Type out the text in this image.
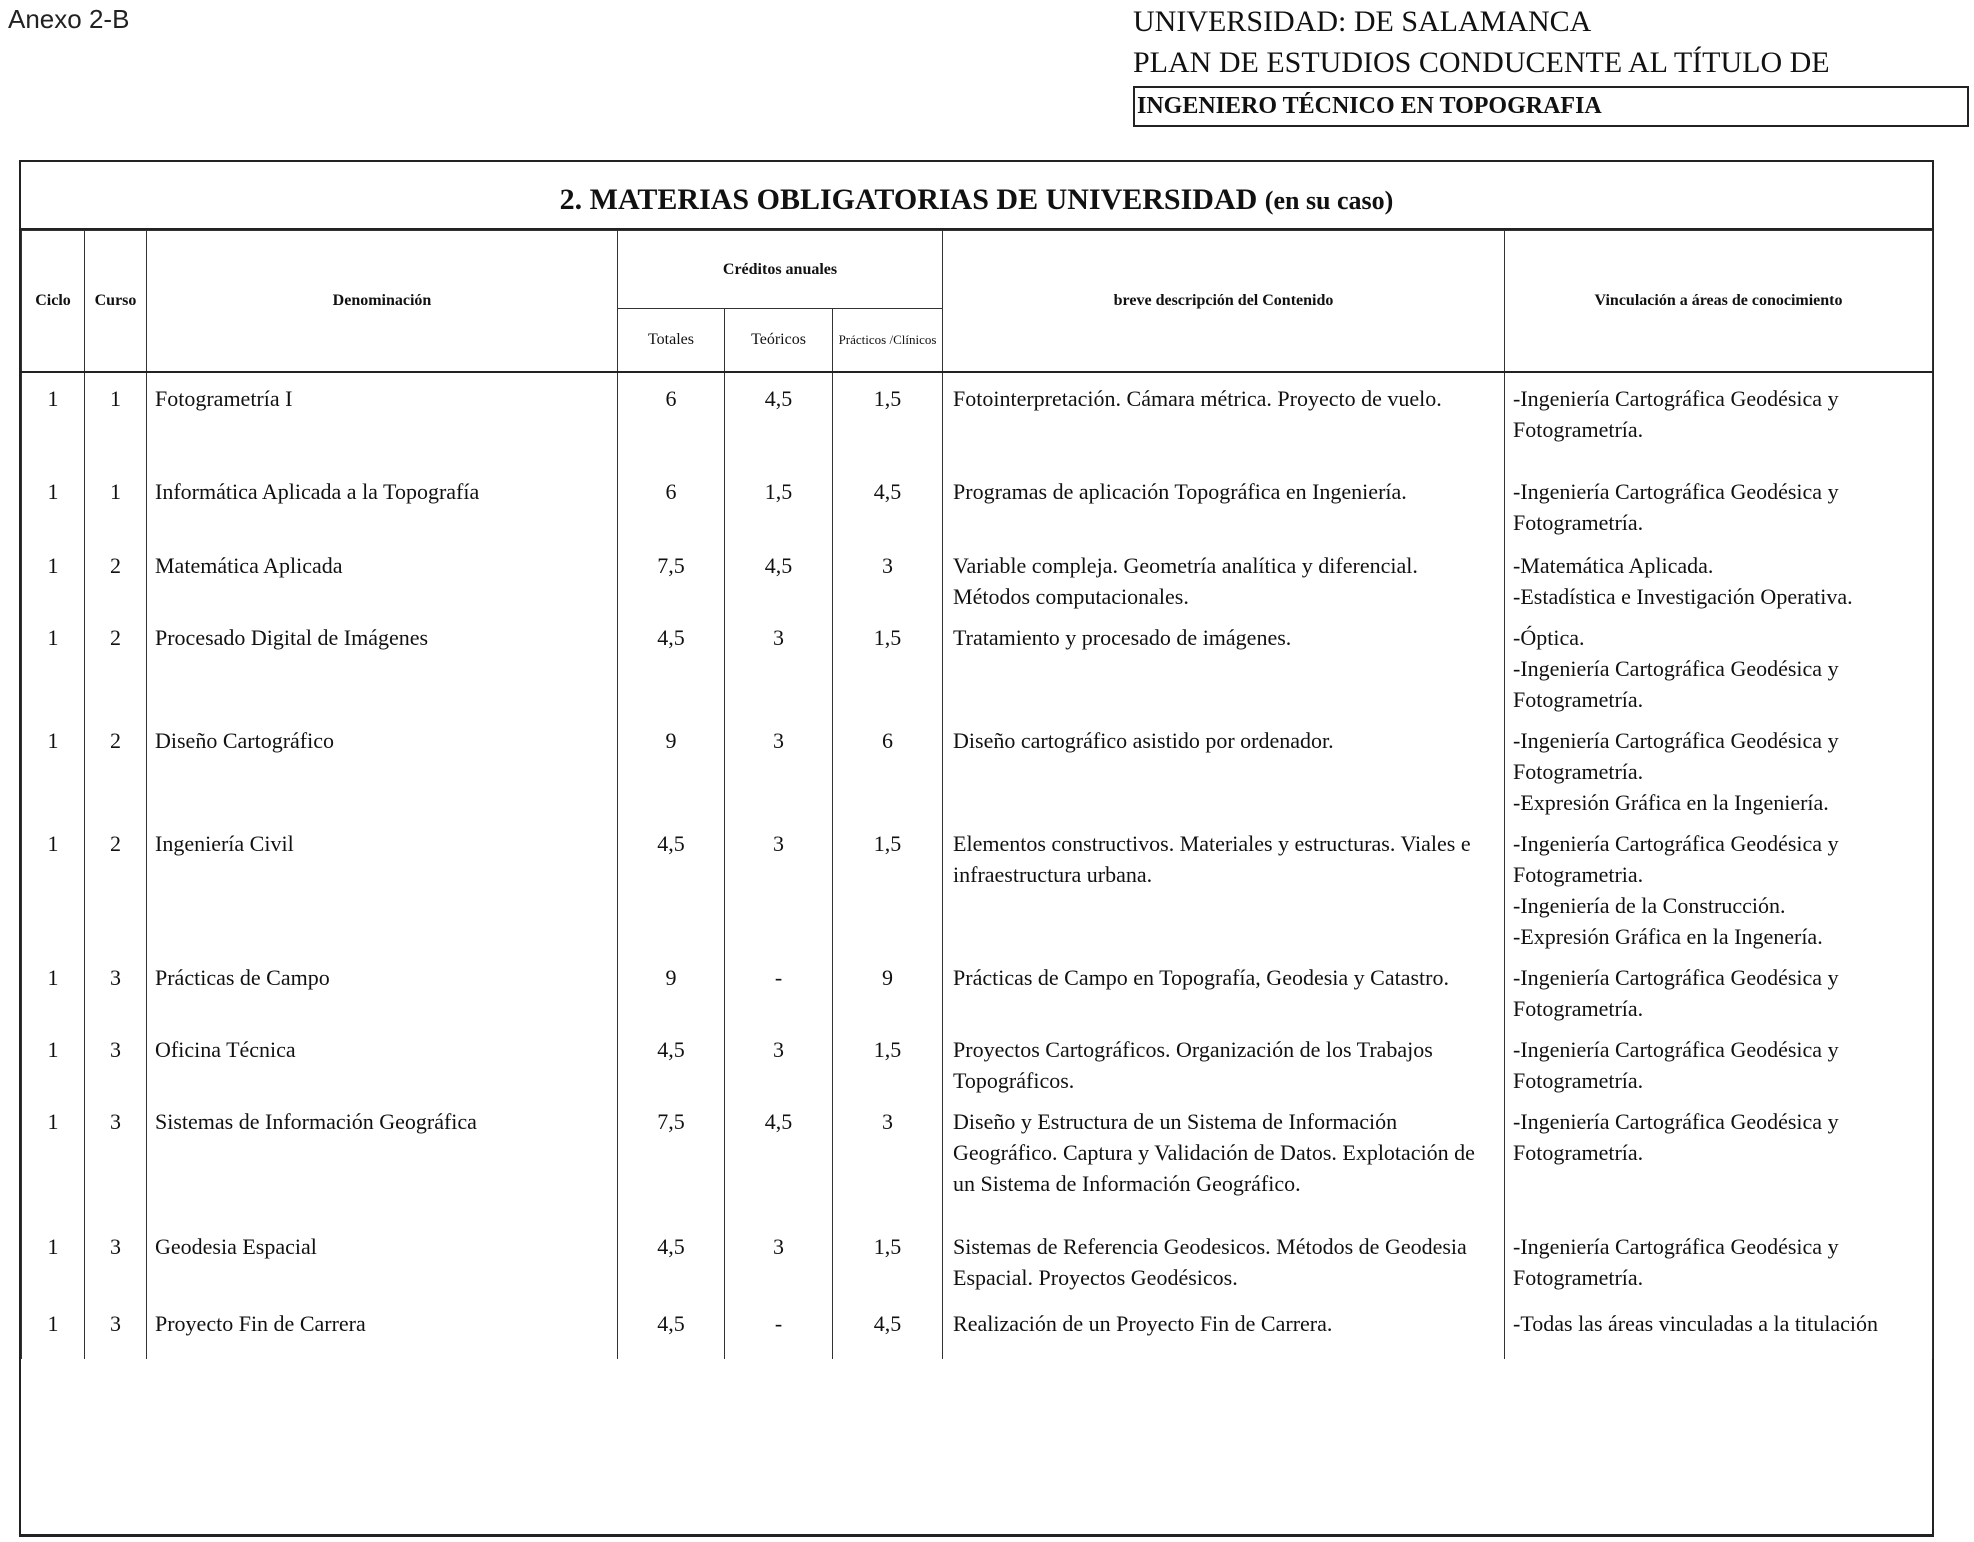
Anexo 2-B	UNIVERSIDAD: DE SALAMANCA
PLAN DE ESTUDIOS CONDUCENTE AL TÍTULO DE
INGENIERO TÉCNICO EN TOPOGRAFIA
2. MATERIAS OBLIGATORIAS DE UNIVERSIDAD (en su caso)
Ciclo	Curso	Denominación	Créditos anuales			breve descripción del Contenido	Vinculación a áreas de conocimiento
			Totales	Teóricos	Prácticos /Clínicos		
1	1	Fotogrametría I	6	4,5	1,5	Fotointerpretación. Cámara métrica. Proyecto de vuelo.	-Ingeniería Cartográfica Geodésica y Fotogrametría.

1	1	Informática Aplicada a la Topografía	6	1,5	4,5	Programas de aplicación Topográfica en Ingeniería.	-Ingeniería Cartográfica Geodésica y Fotogrametría.

1	2	Matemática Aplicada	7,5	4,5	3	Variable compleja. Geometría analítica y diferencial. Métodos computacionales.	-Matemática Aplicada.
-Estadística e Investigación Operativa.

1	2	Procesado Digital de Imágenes	4,5	3	1,5	Tratamiento y procesado de imágenes.	-Óptica.
-Ingeniería Cartográfica Geodésica y Fotogrametría.

1	2	Diseño Cartográfico	9	3	6	Diseño cartográfico asistido por ordenador.	-Ingeniería Cartográfica Geodésica y Fotogrametría.
-Expresión Gráfica en la Ingeniería.

1	2	Ingeniería Civil	4,5	3	1,5	Elementos constructivos. Materiales y estructuras. Viales e infraestructura urbana.	-Ingeniería Cartográfica Geodésica y Fotogrametria.
-Ingeniería de la Construcción.
-Expresión Gráfica en la Ingenería.

1	3	Prácticas de Campo	9	-	9	Prácticas de Campo en Topografía, Geodesia y Catastro.	-Ingeniería Cartográfica Geodésica y Fotogrametría.

1	3	Oficina Técnica	4,5	3	1,5	Proyectos Cartográficos. Organización de los Trabajos Topográficos.	-Ingeniería Cartográfica Geodésica y Fotogrametría.

1	3	Sistemas de Información Geográfica	7,5	4,5	3	Diseño y Estructura de un Sistema de Información Geográfico. Captura y Validación de Datos. Explotación de un Sistema de Información Geográfico.	-Ingeniería Cartográfica Geodésica y Fotogrametría.

1	3	Geodesia Espacial	4,5	3	1,5	Sistemas de Referencia Geodesicos. Métodos de Geodesia Espacial. Proyectos Geodésicos.	-Ingeniería Cartográfica Geodésica y Fotogrametría.

1	3	Proyecto Fin de Carrera	4,5	-	4,5	Realización de un Proyecto Fin de Carrera.	-Todas las áreas vinculadas a la titulación
